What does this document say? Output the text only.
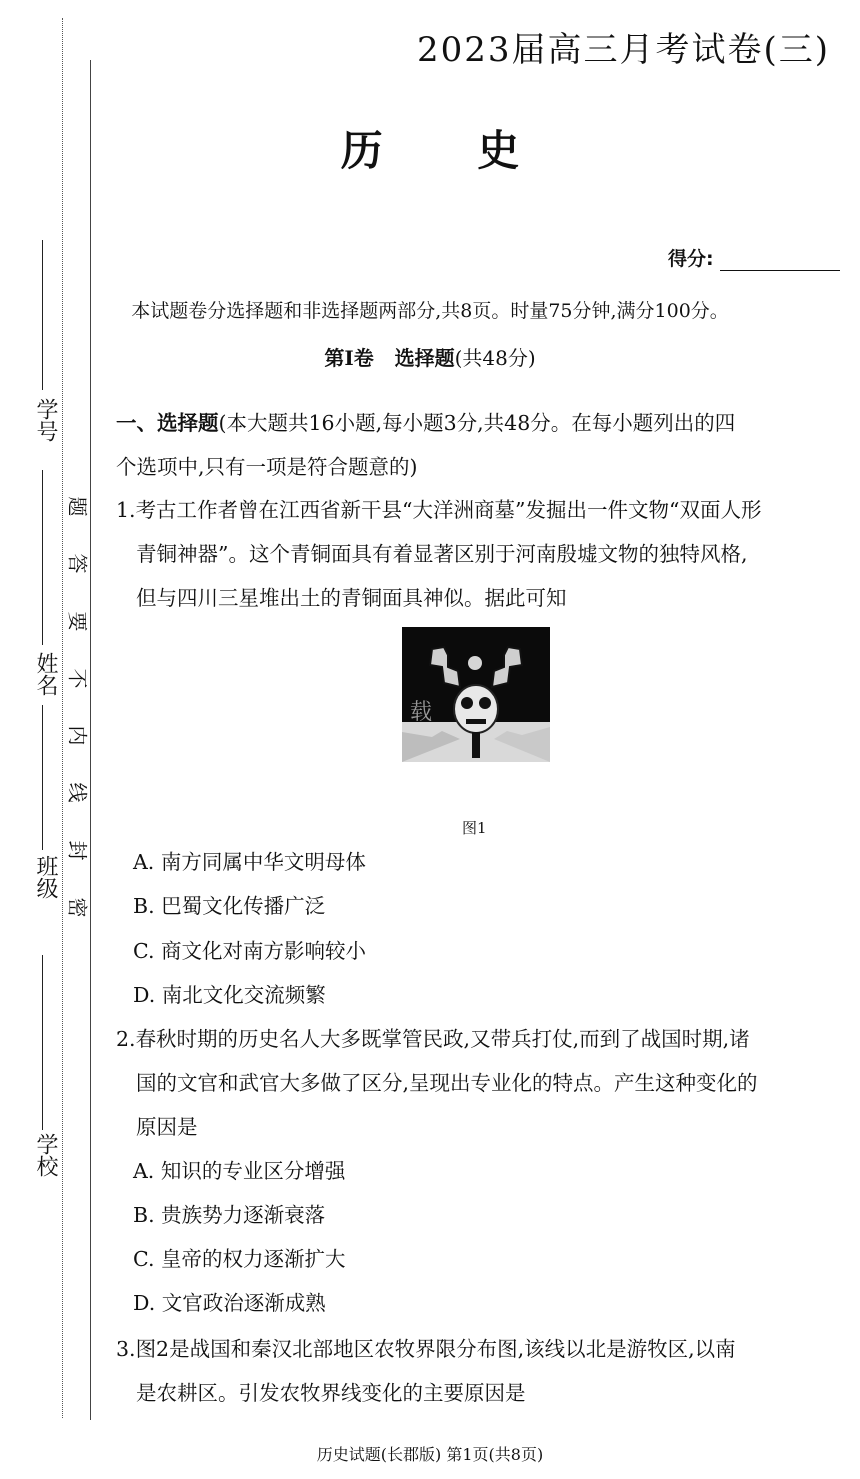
学号
姓名
班级
学校
题
答
要
不
内
线
封
密
2023届高三月考试卷(三)
历 史
得分:
本试题卷分选择题和非选择题两部分,共8页。时量75分钟,满分100分。
第Ⅰ卷 选择题(共48分)
一、选择题(本大题共16小题,每小题3分,共48分。在每小题列出的四
个选项中,只有一项是符合题意的)
1.考古工作者曾在江西省新干县“大洋洲商墓”发掘出一件文物“双面人形
青铜神器”。这个青铜面具有着显著区别于河南殷墟文物的独特风格,
但与四川三星堆出土的青铜面具神似。据此可知
载
图1
A. 南方同属中华文明母体
B. 巴蜀文化传播广泛
C. 商文化对南方影响较小
D. 南北文化交流频繁
2.春秋时期的历史名人大多既掌管民政,又带兵打仗,而到了战国时期,诸
国的文官和武官大多做了区分,呈现出专业化的特点。产生这种变化的
原因是
A. 知识的专业区分增强
B. 贵族势力逐渐衰落
C. 皇帝的权力逐渐扩大
D. 文官政治逐渐成熟
3.图2是战国和秦汉北部地区农牧界限分布图,该线以北是游牧区,以南
是农耕区。引发农牧界线变化的主要原因是
历史试题(长郡版) 第1页(共8页)
